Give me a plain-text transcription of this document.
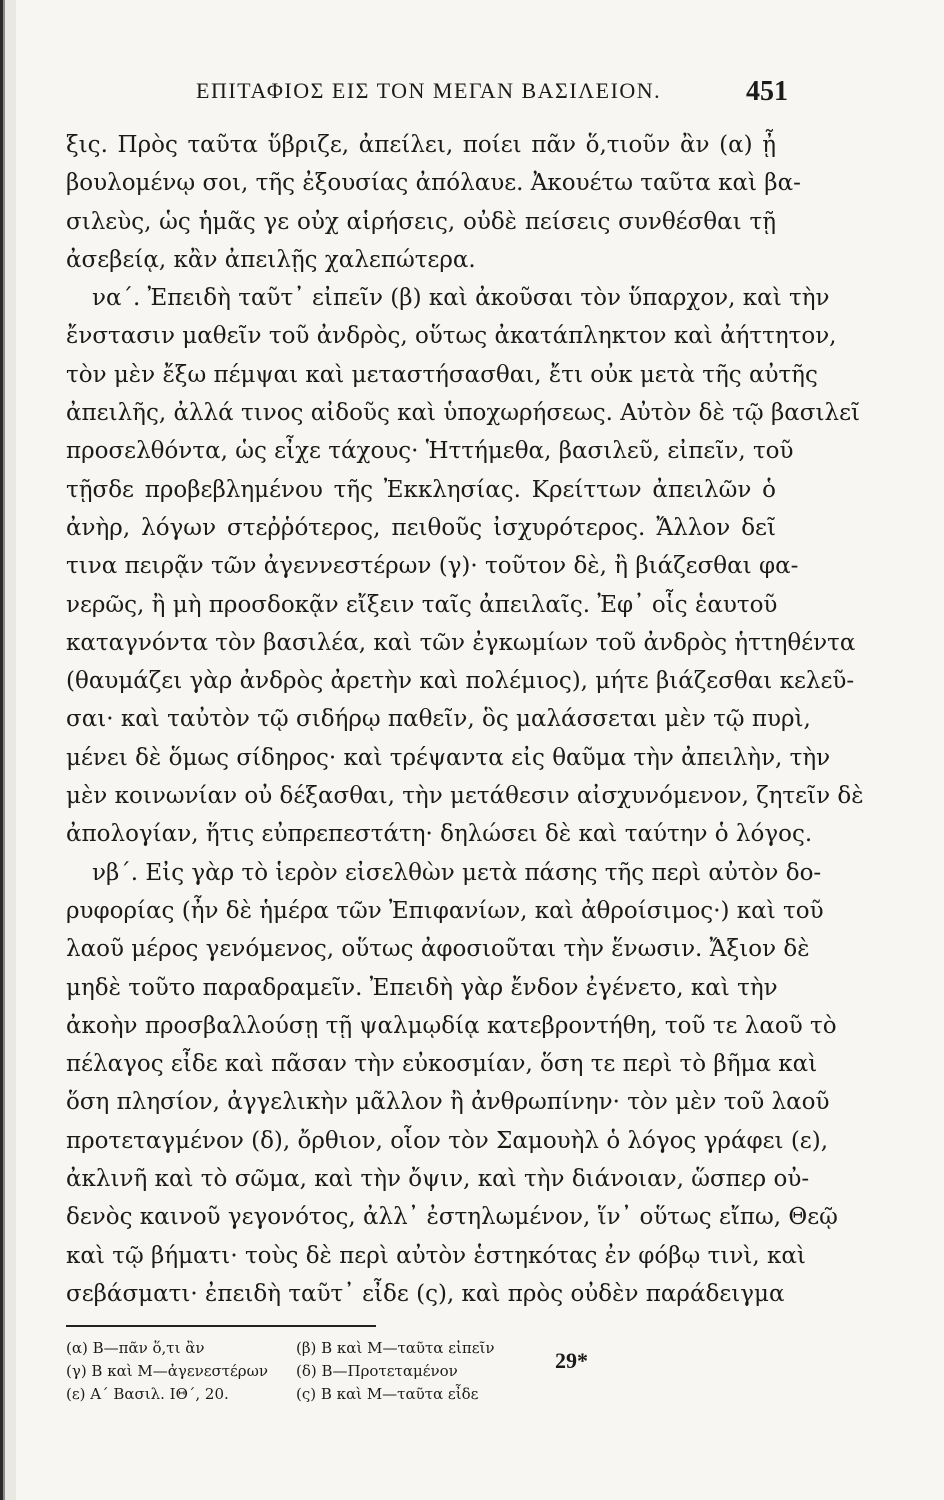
ΕΠΙΤΑΦΙΟΣ ΕΙΣ ΤΟΝ ΜΕΓΑΝ ΒΑΣΙΛΕΙΟΝ.	451
ξις. Πρὸς ταῦτα ὕβριζε, ἀπείλει, ποίει πᾶν ὅ,τιοῦν ἂν (α) ᾖ
βουλομένῳ σοι, τῆς ἐξουσίας ἀπόλαυε. Ἀκουέτω ταῦτα καὶ βα-
σιλεὺς, ὡς ἡμᾶς γε οὐχ αἱρήσεις, οὐδὲ πείσεις συνθέσθαι τῇ
ἀσεβείᾳ, κἂν ἀπειλῇς χαλεπώτερα.
να΄. Ἐπειδὴ ταῦτ᾽ εἰπεῖν (β) καὶ ἀκοῦσαι τὸν ὕπαρχον, καὶ τὴν
ἔνστασιν μαθεῖν τοῦ ἀνδρὸς, οὕτως ἀκατάπληκτον καὶ ἀήττητον,
τὸν μὲν ἔξω πέμψαι καὶ μεταστήσασθαι, ἔτι οὐκ μετὰ τῆς αὐτῆς
ἀπειλῆς, ἀλλά τινος αἰδοῦς καὶ ὑποχωρήσεως. Αὐτὸν δὲ τῷ βασιλεῖ
προσελθόντα, ὡς εἶχε τάχους· Ἡττήμεθα, βασιλεῦ, εἰπεῖν, τοῦ
τῇσδε προβεβλημένου τῆς Ἐκκλησίας. Κρείττων ἀπειλῶν ὁ
ἀνὴρ, λόγων στεῤῥότερος, πειθοῦς ἰσχυρότερος. Ἄλλον δεῖ
τινα πειρᾷν τῶν ἀγεννεστέρων (γ)· τοῦτον δὲ, ἢ βιάζεσθαι φα-
νερῶς, ἢ μὴ προσδοκᾷν εἴξειν ταῖς ἀπειλαῖς. Ἐφ᾽ οἷς ἑαυτοῦ
καταγνόντα τὸν βασιλέα, καὶ τῶν ἐγκωμίων τοῦ ἀνδρὸς ἡττηθέντα
(θαυμάζει γὰρ ἀνδρὸς ἀρετὴν καὶ πολέμιος), μήτε βιάζεσθαι κελεῦ-
σαι· καὶ ταὐτὸν τῷ σιδήρῳ παθεῖν, ὃς μαλάσσεται μὲν τῷ πυρὶ,
μένει δὲ ὅμως σίδηρος· καὶ τρέψαντα εἰς θαῦμα τὴν ἀπειλὴν, τὴν
μὲν κοινωνίαν οὐ δέξασθαι, τὴν μετάθεσιν αἰσχυνόμενον, ζητεῖν δὲ
ἀπολογίαν, ἥτις εὐπρεπεστάτη· δηλώσει δὲ καὶ ταύτην ὁ λόγος.
νβ΄. Εἰς γὰρ τὸ ἱερὸν εἰσελθὼν μετὰ πάσης τῆς περὶ αὐτὸν δο-
ρυφορίας (ἦν δὲ ἡμέρα τῶν Ἐπιφανίων, καὶ ἀθροίσιμος·) καὶ τοῦ
λαοῦ μέρος γενόμενος, οὕτως ἀφοσιοῦται τὴν ἕνωσιν. Ἄξιον δὲ
μηδὲ τοῦτο παραδραμεῖν. Ἐπειδὴ γὰρ ἔνδον ἐγένετο, καὶ τὴν
ἀκοὴν προσβαλλούσῃ τῇ ψαλμῳδίᾳ κατεβροντήθη, τοῦ τε λαοῦ τὸ
πέλαγος εἶδε καὶ πᾶσαν τὴν εὐκοσμίαν, ὅση τε περὶ τὸ βῆμα καὶ
ὅση πλησίον, ἀγγελικὴν μᾶλλον ἢ ἀνθρωπίνην· τὸν μὲν τοῦ λαοῦ
προτεταγμένον (δ), ὄρθιον, οἷον τὸν Σαμουὴλ ὁ λόγος γράφει (ε),
ἀκλινῆ καὶ τὸ σῶμα, καὶ τὴν ὄψιν, καὶ τὴν διάνοιαν, ὥσπερ οὐ-
δενὸς καινοῦ γεγονότος, ἀλλ᾽ ἐστηλωμένον, ἵν᾽ οὕτως εἴπω, Θεῷ
καὶ τῷ βήματι· τοὺς δὲ περὶ αὐτὸν ἑστηκότας ἐν φόβῳ τινὶ, καὶ
σεβάσματι· ἐπειδὴ ταῦτ᾽ εἶδε (ς), καὶ πρὸς οὐδὲν παράδειγμα
(α) Β—πᾶν ὅ,τι ἂν	(β) Β καὶ Μ—ταῦτα εἰπεῖν
(γ) Β καὶ Μ—ἀγενεστέρων	(δ) Β—Προτεταμένον
(ε) Α΄ Βασιλ. ΙΘ΄, 20.	(ς) Β καὶ Μ—ταῦτα εἶδε
29*
